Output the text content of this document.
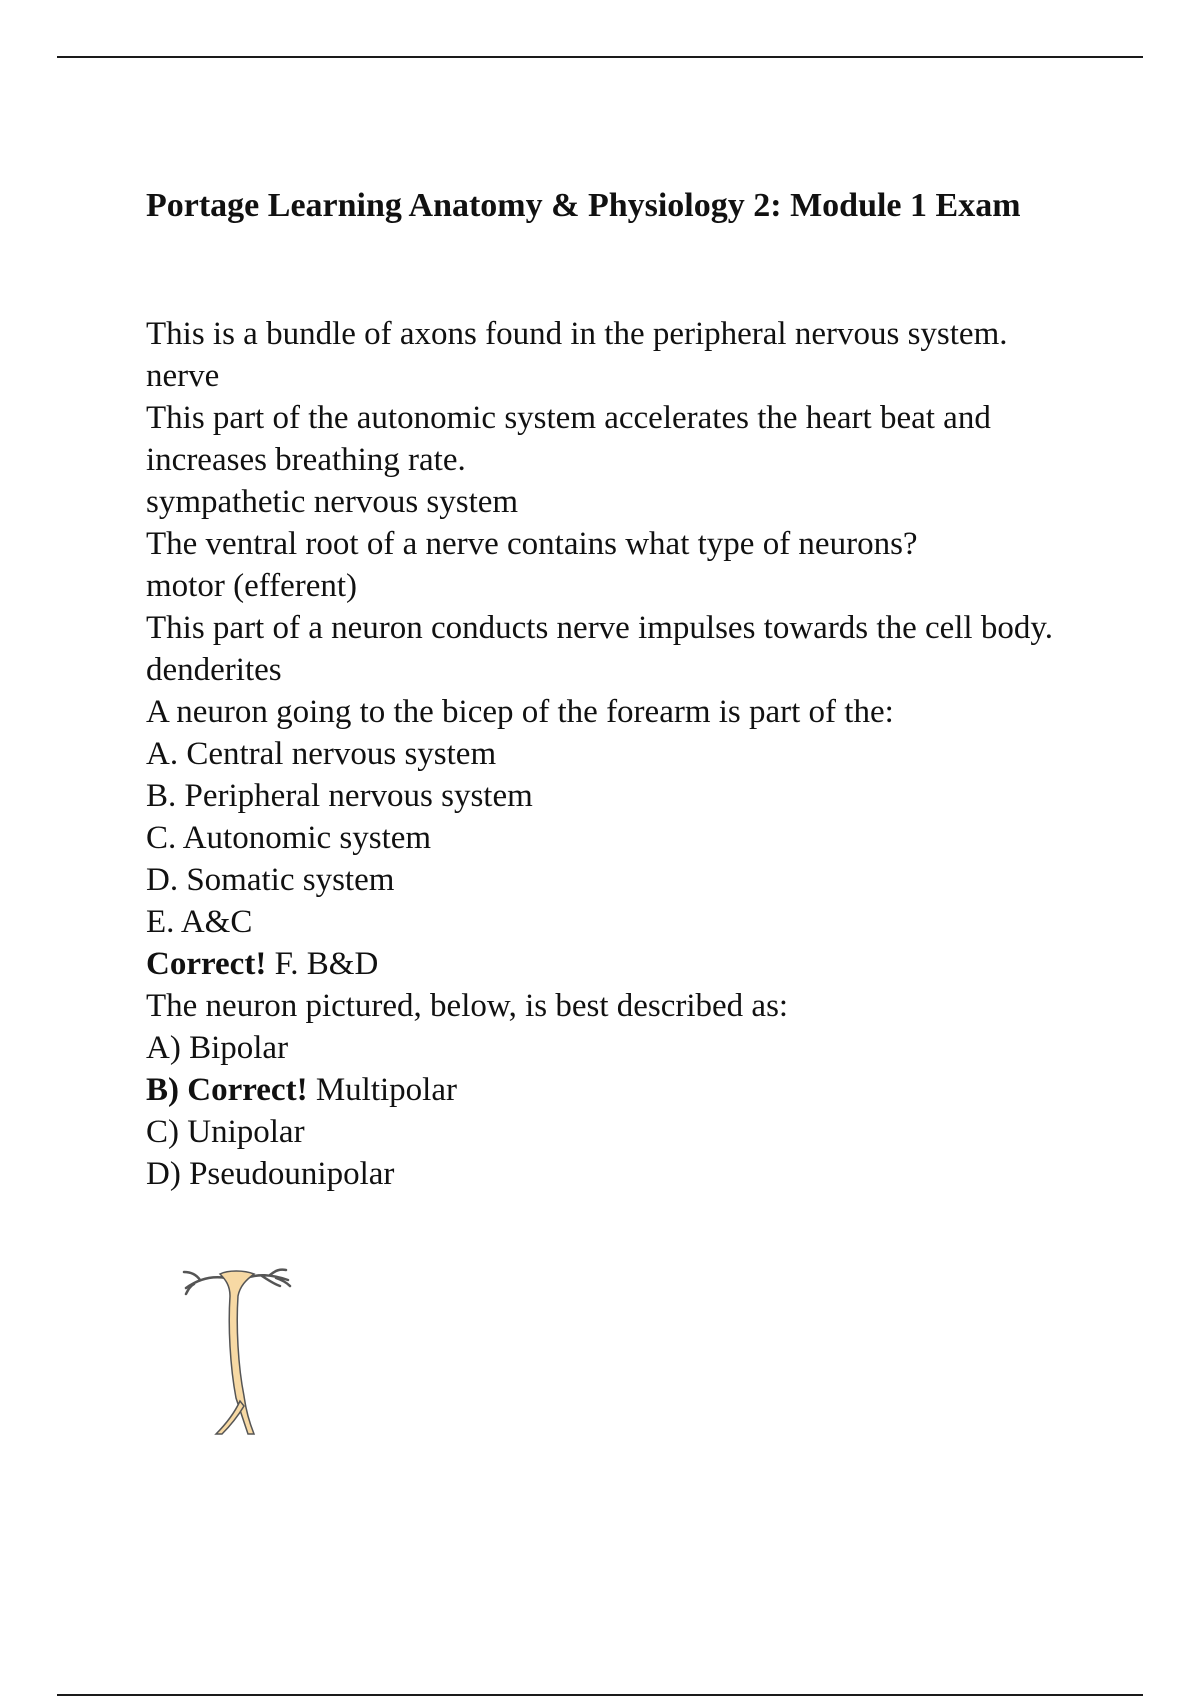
Portage Learning Anatomy & Physiology 2: Module 1 Exam
This is a bundle of axons found in the peripheral nervous system.
nerve
This part of the autonomic system accelerates the heart beat and increases breathing rate.
sympathetic nervous system
The ventral root of a nerve contains what type of neurons?
motor (efferent)
This part of a neuron conducts nerve impulses towards the cell body.
denderites
A neuron going to the bicep of the forearm is part of the:
A. Central nervous system
B. Peripheral nervous system
C. Autonomic system
D. Somatic system
E. A&C
Correct! F. B&D
The neuron pictured, below, is best described as:
A) Bipolar
B) Correct! Multipolar
C) Unipolar
D) Pseudounipolar
